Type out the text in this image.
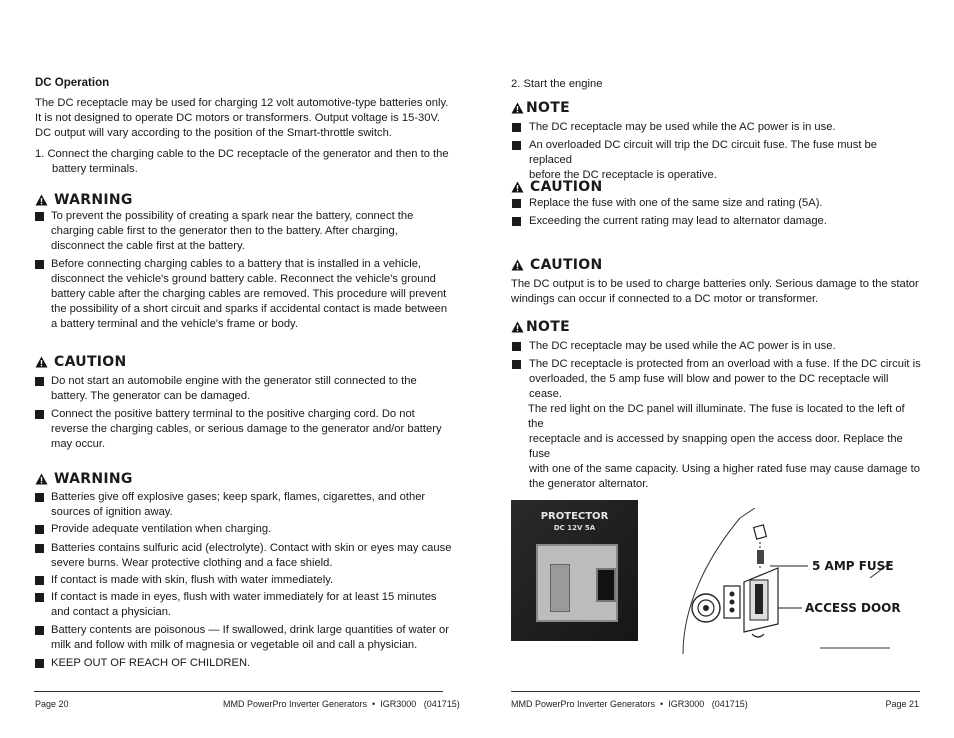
DC Operation
The DC receptacle may be used for charging 12 volt automotive-type batteries only.
It is not designed to operate DC motors or transformers. Output voltage is 15-30V.
DC output will vary according to the position of the Smart-throttle switch.
1. Connect the charging cable to the DC receptacle of the generator and then to the
battery terminals.
WARNING
To prevent the possibility of creating a spark near the battery, connect the
charging cable first to the generator then to the battery. After charging,
disconnect the cable first at the battery.
Before connecting charging cables to a battery that is installed in a vehicle,
disconnect the vehicle's ground battery cable. Reconnect the vehicle's ground
battery cable after the charging cables are removed. This procedure will prevent
the possibility of a short circuit and sparks if accidental contact is made between
a battery terminal and the vehicle's frame or body.
CAUTION
Do not start an automobile engine with the generator still connected to the
battery. The generator can be damaged.
Connect the positive battery terminal to the positive charging cord. Do not
reverse the charging cables, or serious damage to the generator and/or battery
may occur.
WARNING
Batteries give off explosive gases; keep spark, flames, cigarettes, and other
sources of ignition away.
Provide adequate ventilation when charging.
Batteries contains sulfuric acid (electrolyte). Contact with skin or eyes may cause
severe burns. Wear protective clothing and a face shield.
If contact is made with skin, flush with water immediately.
If contact is made in eyes, flush with water immediately for at least 15 minutes
and contact a physician.
Battery contents are poisonous — If swallowed, drink large quantities of water or
milk and follow with milk of magnesia or vegetable oil and call a physician.
KEEP OUT OF REACH OF CHILDREN.
Page 20	MMD PowerPro Inverter Generators  •  IGR3000   (041715)
2. Start the engine
NOTE
The DC receptacle may be used while the AC power is in use.
An overloaded DC circuit will trip the DC circuit fuse. The fuse must be replaced
before the DC receptacle is operative.
CAUTION
Replace the fuse with one of the same size and rating (5A).
Exceeding the current rating may lead to alternator damage.
CAUTION
The DC output is to be used to charge batteries only. Serious damage to the stator
windings can occur if connected to a DC motor or transformer.
NOTE
The DC receptacle may be used while the AC power is in use.
The DC receptacle is protected from an overload with a fuse. If the DC circuit is
overloaded, the 5 amp fuse will blow and power to the DC receptacle will cease.
The red light on the DC panel will illuminate. The fuse is located to the left of the
receptacle and is accessed by snapping open the access door. Replace the fuse
with one of the same capacity. Using a higher rated fuse may cause damage to
the generator alternator.
PROTECTOR
DC 12V 5A
5 AMP FUSE
ACCESS DOOR
MMD PowerPro Inverter Generators  •  IGR3000   (041715)	Page 21
